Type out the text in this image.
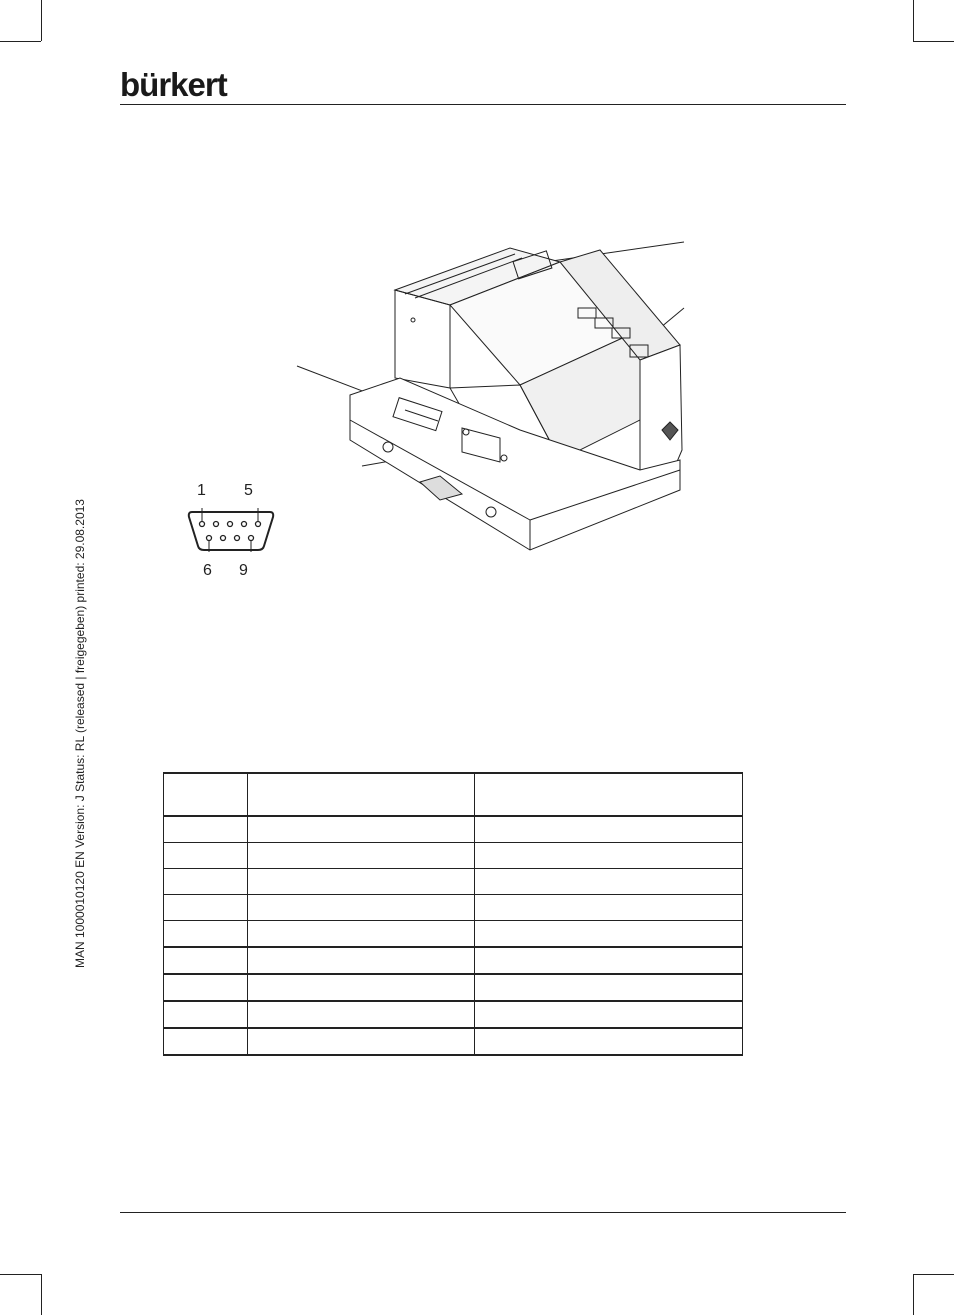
bürkert
MAN 1000010120 EN Version: J Status: RL (released | freigegeben) printed: 29.08.2013
1 5
6 9
